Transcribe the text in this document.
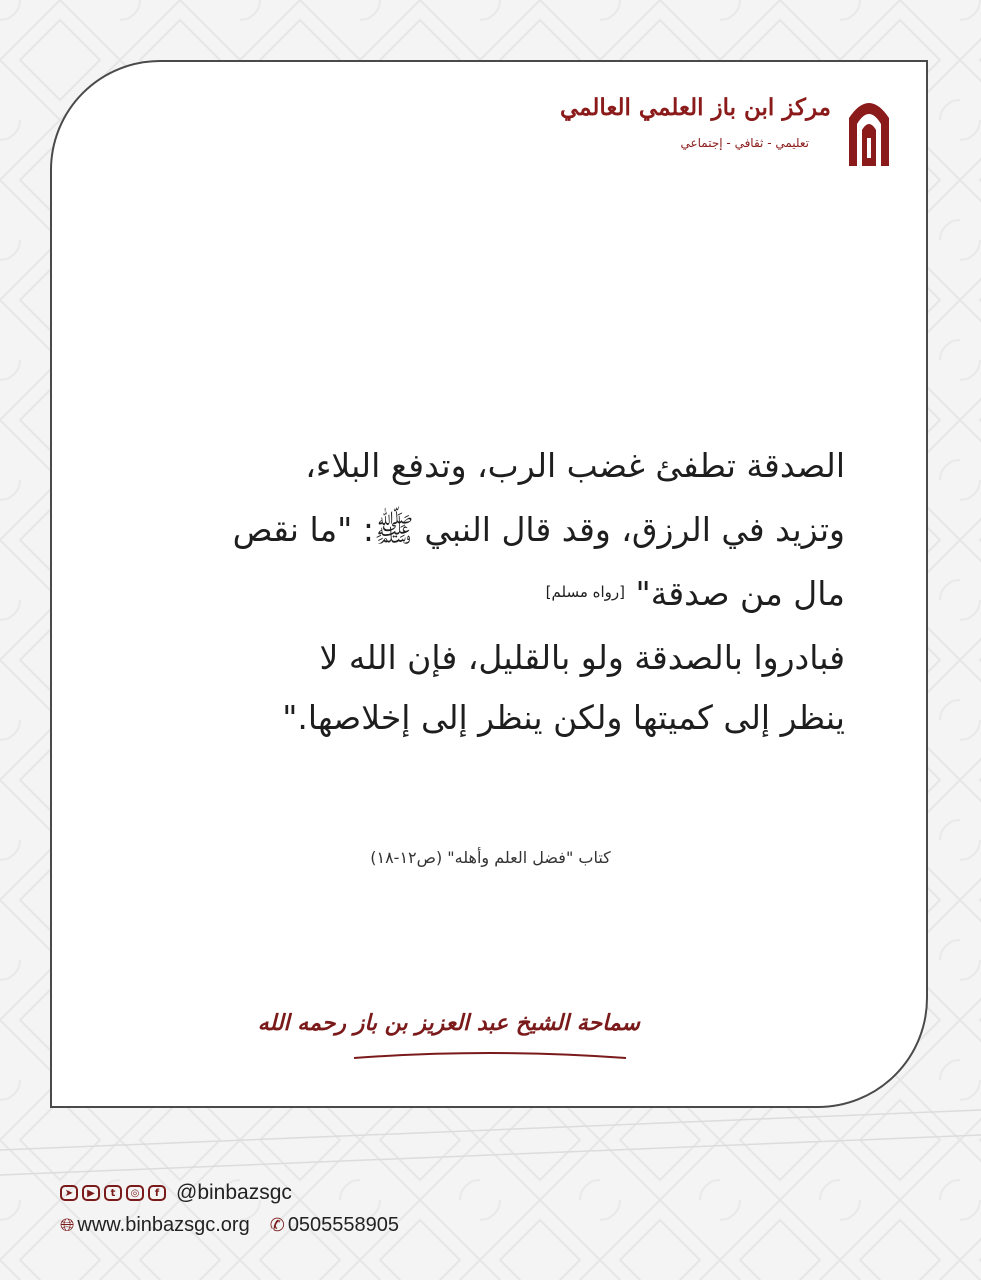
مركز ابن باز العلمي العالمي
تعليمي - ثقافي - إجتماعي
الصدقة تطفئ غضب الرب، وتدفع البلاء،
وتزيد في الرزق، وقد قال النبي ﷺ: "ما نقص
مال من صدقة" [رواه مسلم]
فبادروا بالصدقة ولو بالقليل، فإن الله لا
ينظر إلى كميتها ولكن ينظر إلى إخلاصها."
كتاب "فضل العلم وأهله" (ص١٢-١٨)
سماحة الشيخ عبد العزيز بن باز رحمه الله
➤	▶	t	◎	f @binbazsgc
🌐︎ www.binbazsgc.org ✆ 0505558905
